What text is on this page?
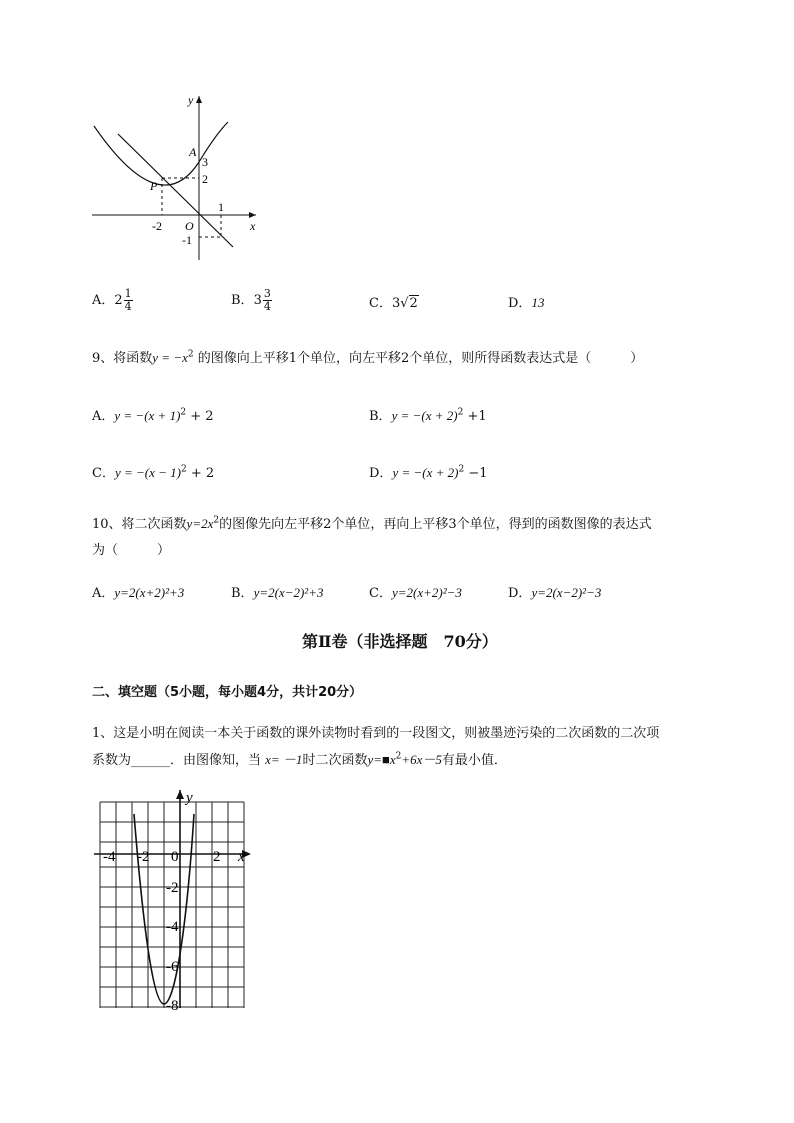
y
x
A
P
O
3
2
-2
1
-1
A．$2 \frac{1}{4}$	B．$3 \frac{3}{4}$	C．3√2	D．13
9、将函数$y = -x^2$ 的图像向上平移1个单位，向左平移2个单位，则所得函数表达式是（　　　）
A．$y = -(x + 1)^2 + 2$	B．$y = -(x + 2)^2 +1$
C．$y = -(x - 1)^2 + 2$	D．$y = -(x + 2)^2 -1$
10、将二次函数$y=2x^2$的图像先向左平移2个单位，再向上平移3个单位，得到的函数图像的表达式
为（　　　）
A．y=2(x+2)²+3	B．y=2(x−2)²+3	C．y=2(x+2)²−3	D．y=2(x−2)²−3
第Ⅱ卷（非选择题　70分）
二、填空题（5小题，每小题4分，共计20分）
1、这是小明在阅读一本关于函数的课外读物时看到的一段图文，则被墨迹污染的二次函数的二次项
系数为______．由图像知，当 x= －1时二次函数$y=■x^2+6x-5$有最小值．
y
x
-4 -2 0 2
-2
-4
-6
-8
